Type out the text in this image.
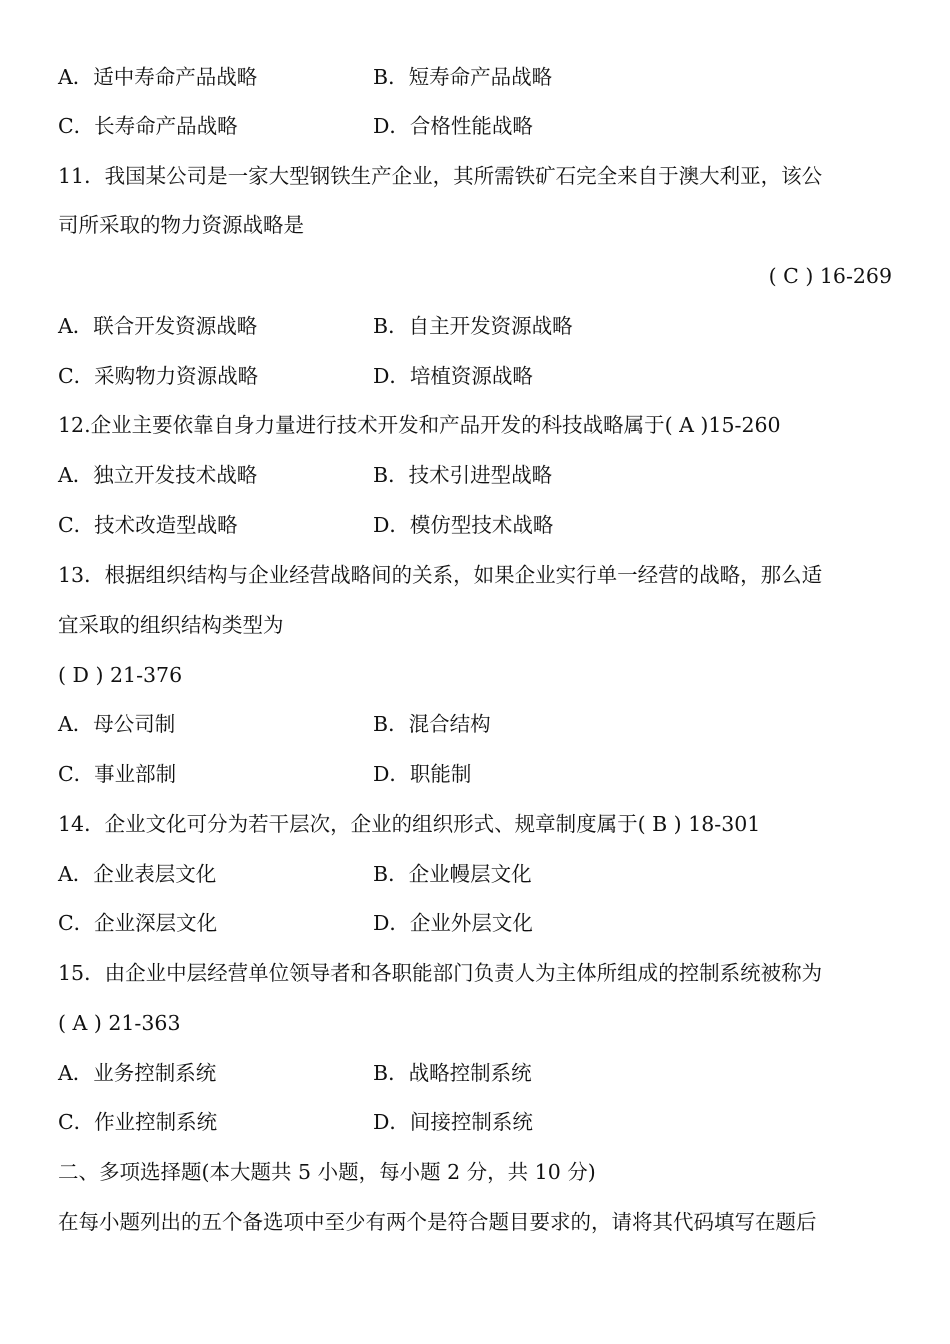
A．适中寿命产品战略	B．短寿命产品战略
C．长寿命产品战略	D．合格性能战略
11．我国某公司是一家大型钢铁生产企业，其所需铁矿石完全来自于澳大利亚，该公
司所采取的物力资源战略是
( C ) 16-269
A．联合开发资源战略	B．自主开发资源战略
C．采购物力资源战略	D．培植资源战略
12.企业主要依靠自身力量进行技术开发和产品开发的科技战略属于( A )15-260
A．独立开发技术战略	B．技术引进型战略
C．技术改造型战略	D．模仿型技术战略
13．根据组织结构与企业经营战略间的关系，如果企业实行单一经营的战略，那么适
宜采取的组织结构类型为
( D ) 21-376
A．母公司制	B．混合结构
C．事业部制	D．职能制
14．企业文化可分为若干层次，企业的组织形式、规章制度属于( B ) 18-301
A．企业表层文化	B．企业幔层文化
C．企业深层文化	D．企业外层文化
15．由企业中层经营单位领导者和各职能部门负责人为主体所组成的控制系统被称为
( A ) 21-363
A．业务控制系统	B．战略控制系统
C．作业控制系统	D．间接控制系统
二、多项选择题(本大题共 5 小题，每小题 2 分，共 10 分)
在每小题列出的五个备选项中至少有两个是符合题目要求的，请将其代码填写在题后
